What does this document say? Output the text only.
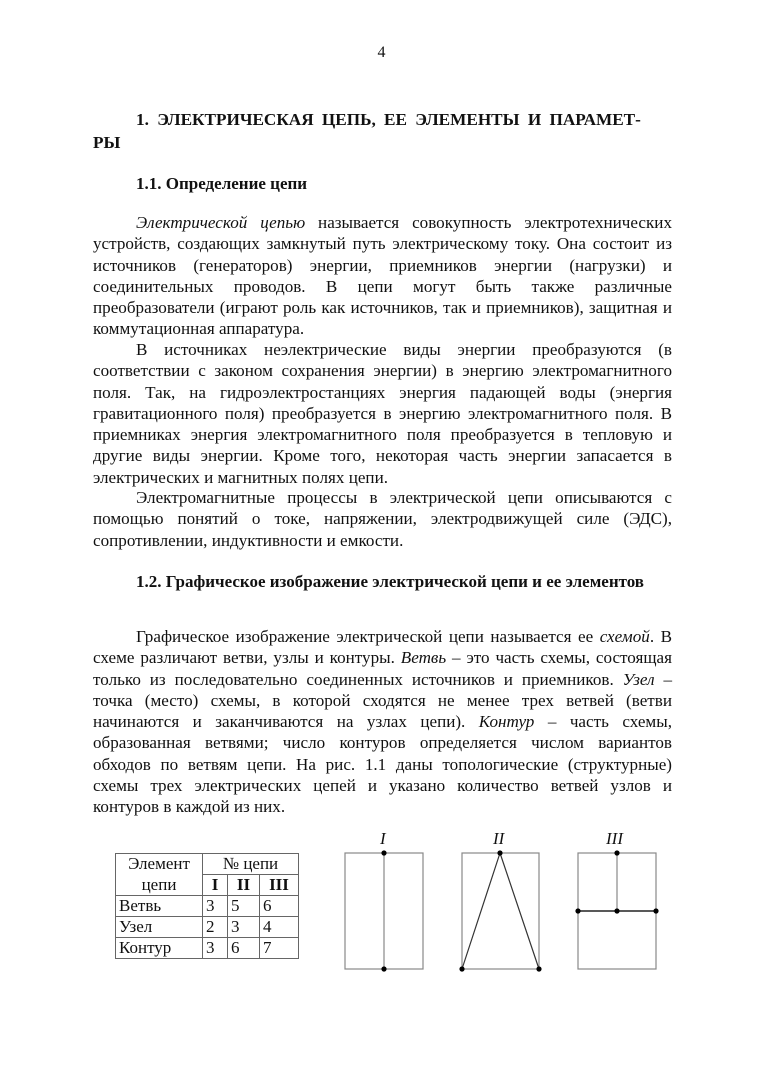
4
1. ЭЛЕКТРИЧЕСКАЯ ЦЕПЬ, ЕЕ ЭЛЕМЕНТЫ И ПАРАМЕТ-
РЫ
1.1. Определение цепи
Электрической цепью называется совокупность электротехнических устройств, создающих замкнутый путь электрическому току. Она состоит из источников (генераторов) энергии, приемников энергии (нагрузки) и соединительных проводов. В цепи могут быть также различные преобразователи (играют роль как источников, так и приемников), защитная и коммутационная аппаратура.
В источниках неэлектрические виды энергии преобразуются (в соответствии с законом сохранения энергии) в энергию электромагнитного поля. Так, на гидроэлектростанциях энергия падающей воды (энергия гравитационного поля) преобразуется в энергию электромагнитного поля. В приемниках энергия электромагнитного поля преобразуется в тепловую и другие виды энергии. Кроме того, некоторая часть энергии запасается в электрических и магнитных полях цепи.
Электромагнитные процессы в электрической цепи описываются с помощью понятий о токе, напряжении, электродвижущей силе (ЭДС), сопротивлении, индуктивности и емкости.
1.2. Графическое изображение электрической цепи и ее элементов
Графическое изображение электрической цепи называется ее схемой. В схеме различают ветви, узлы и контуры. Ветвь – это часть схемы, состоящая только из последовательно соединенных источников и приемников. Узел – точка (место) схемы, в которой сходятся не менее трех ветвей (ветви начинаются и заканчиваются на узлах цепи). Контур – часть схемы, образованная ветвями; число контуров определяется числом вариантов обходов по ветвям цепи. На рис. 1.1 даны топологические (структурные) схемы трех электрических цепей и указано количество ветвей узлов и контуров в каждой из них.
Элемент	№ цепи		
цепи	I	II	III
Ветвь	3	5	6
Узел	2	3	4
Контур	3	6	7
I	II	III
